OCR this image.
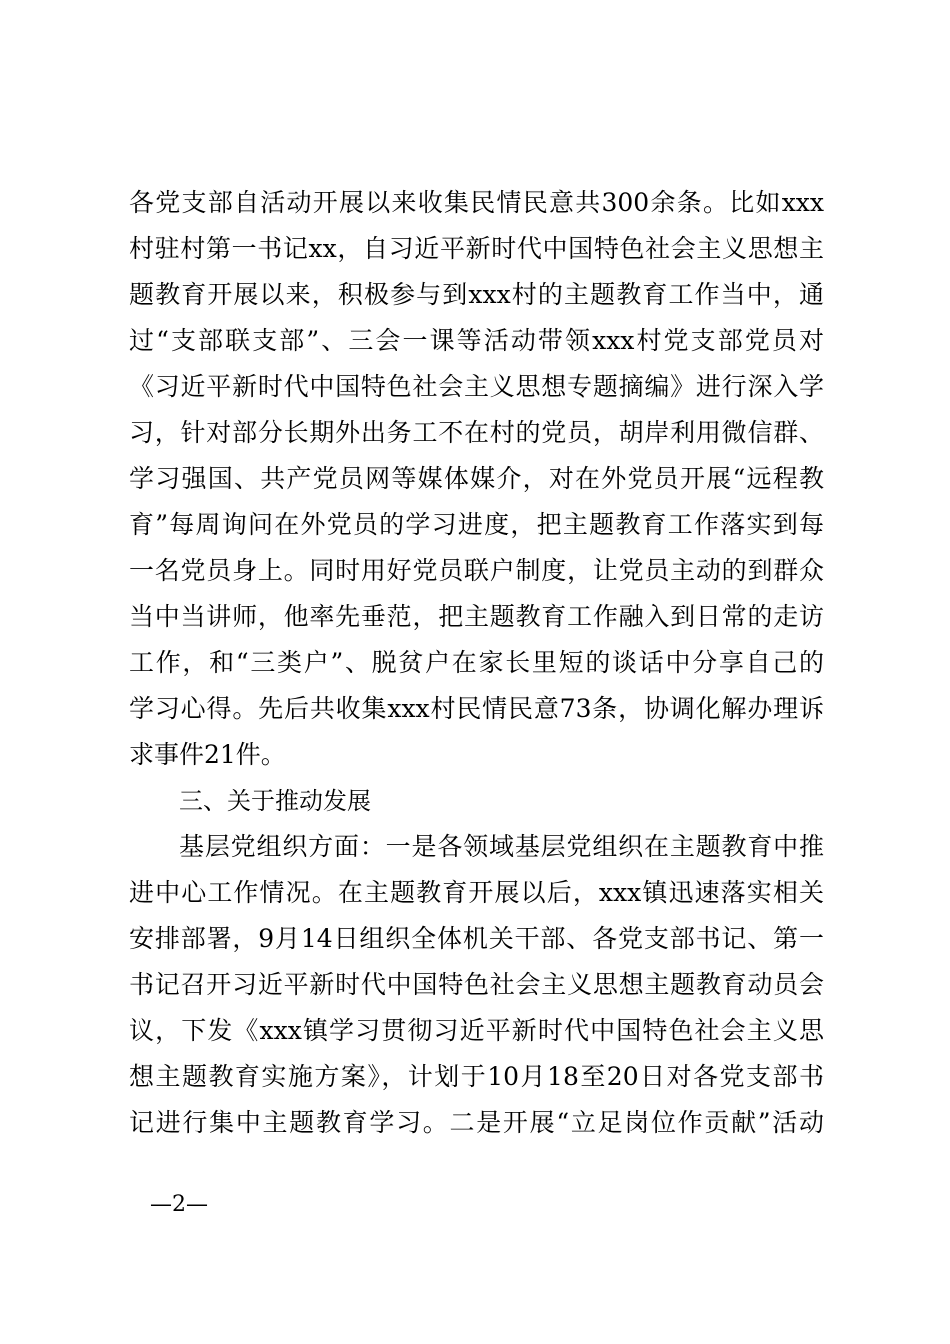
各党支部自活动开展以来收集民情民意共300余条。比如xxx
村驻村第一书记xx，自习近平新时代中国特色社会主义思想主
题教育开展以来，积极参与到xxx村的主题教育工作当中，通
过“支部联支部”、三会一课等活动带领xxx村党支部党员对
《习近平新时代中国特色社会主义思想专题摘编》进行深入学
习，针对部分长期外出务工不在村的党员，胡岸利用微信群、
学习强国、共产党员网等媒体媒介，对在外党员开展“远程教
育”每周询问在外党员的学习进度，把主题教育工作落实到每
一名党员身上。同时用好党员联户制度，让党员主动的到群众
当中当讲师，他率先垂范，把主题教育工作融入到日常的走访
工作，和“三类户”、脱贫户在家长里短的谈话中分享自己的
学习心得。先后共收集xxx村民情民意73条，协调化解办理诉
求事件21件。
三、关于推动发展
基层党组织方面：一是各领域基层党组织在主题教育中推
进中心工作情况。在主题教育开展以后，xxx镇迅速落实相关
安排部署，9月14日组织全体机关干部、各党支部书记、第一
书记召开习近平新时代中国特色社会主义思想主题教育动员会
议，下发《xxx镇学习贯彻习近平新时代中国特色社会主义思
想主题教育实施方案》，计划于10月18至20日对各党支部书
记进行集中主题教育学习。二是开展“立足岗位作贡献”活动
—2—
